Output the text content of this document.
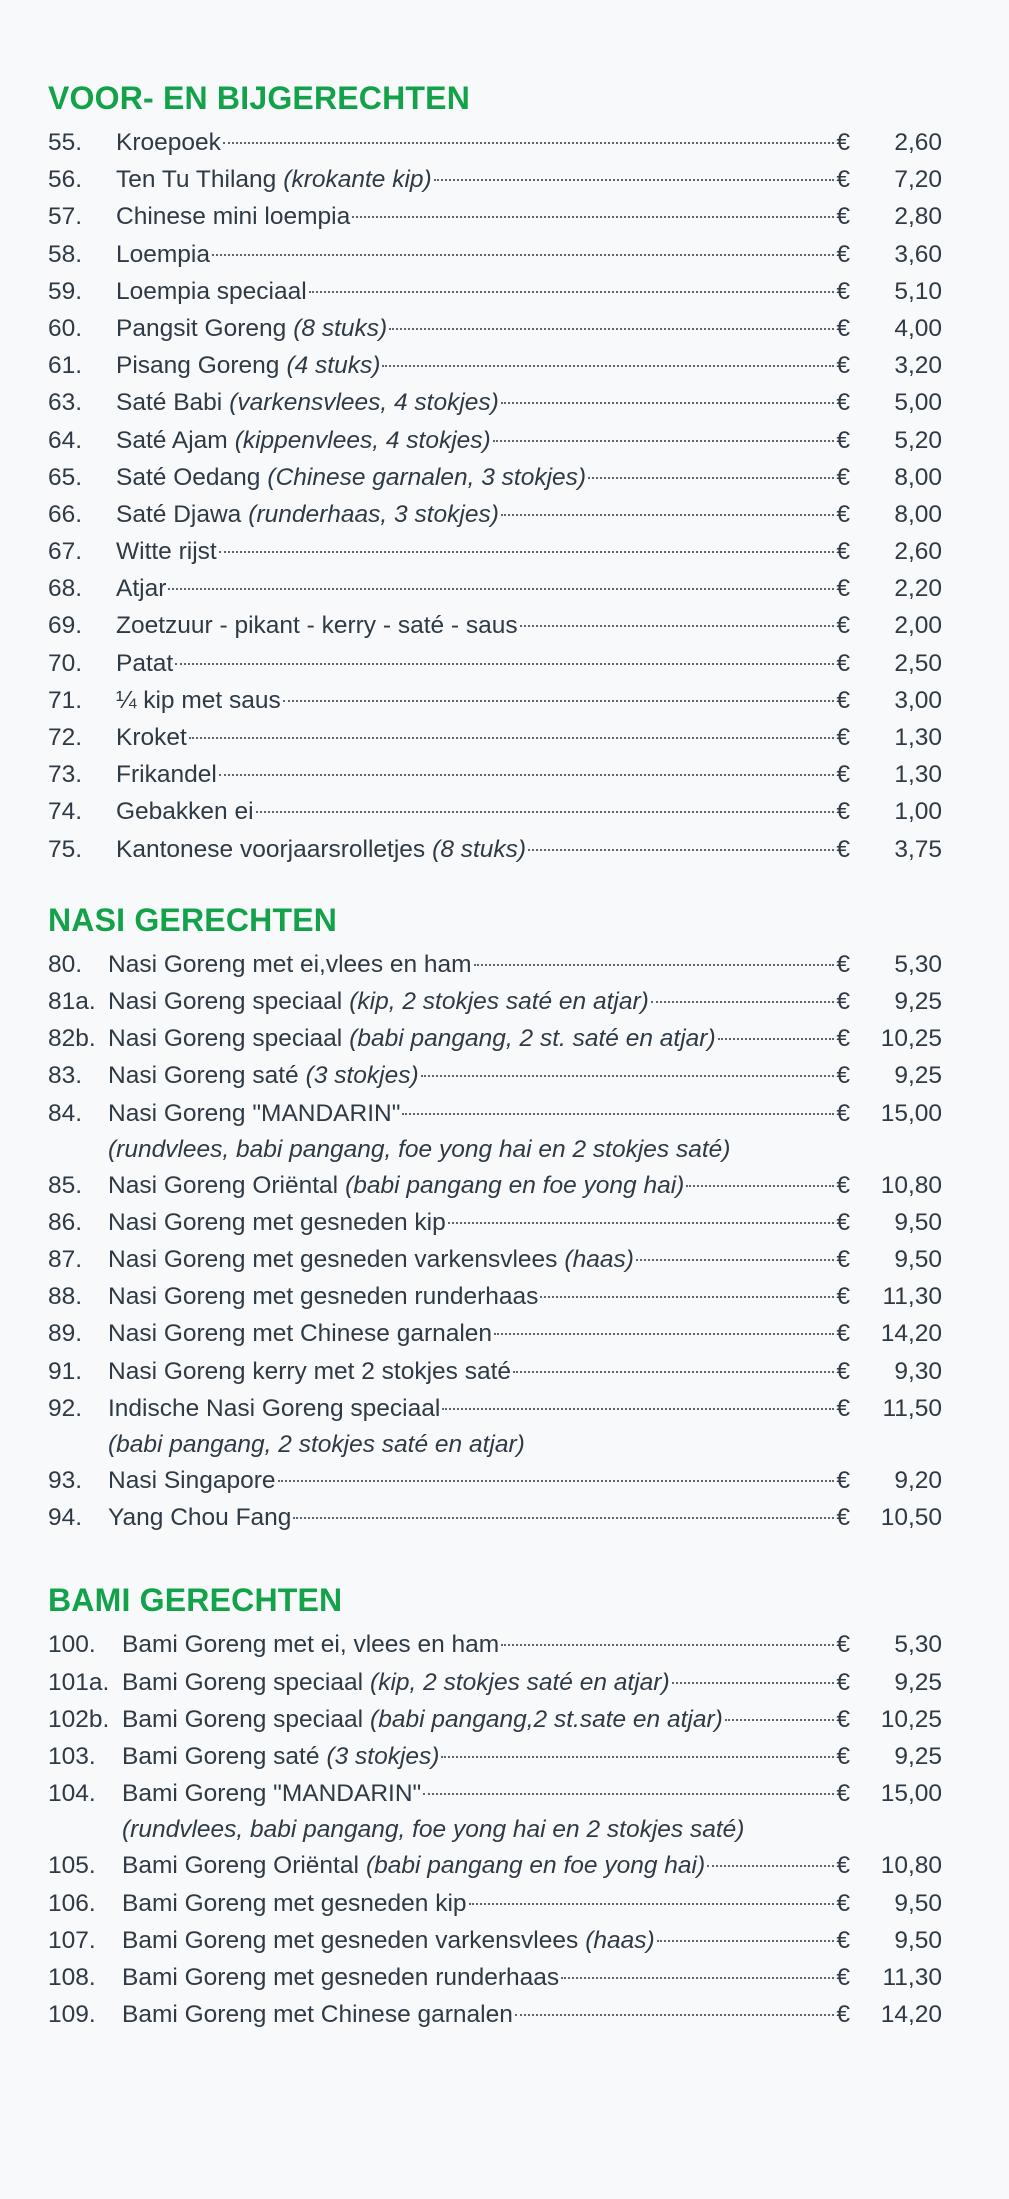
VOOR- EN BIJGERECHTEN
55.	Kroepoek	€	2,60
56.	Ten Tu Thilang (krokante kip)	€	7,20
57.	Chinese mini loempia	€	2,80
58.	Loempia	€	3,60
59.	Loempia speciaal	€	5,10
60.	Pangsit Goreng (8 stuks)	€	4,00
61.	Pisang Goreng (4 stuks)	€	3,20
63.	Saté Babi (varkensvlees, 4 stokjes)	€	5,00
64.	Saté Ajam (kippenvlees, 4 stokjes)	€	5,20
65.	Saté Oedang (Chinese garnalen, 3 stokjes)	€	8,00
66.	Saté Djawa (runderhaas, 3 stokjes)	€	8,00
67.	Witte rijst	€	2,60
68.	Atjar	€	2,20
69.	Zoetzuur - pikant - kerry - saté - saus	€	2,00
70.	Patat	€	2,50
71.	¼ kip met saus	€	3,00
72.	Kroket	€	1,30
73.	Frikandel	€	1,30
74.	Gebakken ei	€	1,00
75.	Kantonese voorjaarsrolletjes (8 stuks)	€	3,75
NASI GERECHTEN
80.	Nasi Goreng met ei,vlees en ham	€	5,30
81a. Nasi Goreng speciaal (kip, 2 stokjes saté en atjar)	€	9,25
82b. Nasi Goreng speciaal (babi pangang, 2 st. saté en atjar)	€	10,25
83.	Nasi Goreng saté (3 stokjes)	€	9,25
84.	Nasi Goreng "MANDARIN"	€	15,00
(rundvlees, babi pangang, foe yong hai en 2 stokjes saté)
85.	Nasi Goreng Oriëntal (babi pangang en foe yong hai)	€	10,80
86.	Nasi Goreng met gesneden kip	€	9,50
87.	Nasi Goreng met gesneden varkensvlees (haas)	€	9,50
88.	Nasi Goreng met gesneden runderhaas	€	11,30
89.	Nasi Goreng met Chinese garnalen	€	14,20
91.	Nasi Goreng kerry met 2 stokjes saté	€	9,30
92.	Indische Nasi Goreng speciaal	€	11,50
(babi pangang, 2 stokjes saté en atjar)
93.	Nasi Singapore	€	9,20
94.	Yang Chou Fang	€	10,50
BAMI GERECHTEN
100.	Bami Goreng met ei, vlees en ham	€	5,30
101a. Bami Goreng speciaal (kip, 2 stokjes saté en atjar)	€	9,25
102b. Bami Goreng speciaal (babi pangang,2 st.sate en atjar)	€	10,25
103.	Bami Goreng saté (3 stokjes)	€	9,25
104.	Bami Goreng "MANDARIN"	€	15,00
(rundvlees, babi pangang, foe yong hai en 2 stokjes saté)
105.	Bami Goreng Oriëntal (babi pangang en foe yong hai)	€	10,80
106.	Bami Goreng met gesneden kip	€	9,50
107.	Bami Goreng met gesneden varkensvlees (haas)	€	9,50
108.	Bami Goreng met gesneden runderhaas	€	11,30
109.	Bami Goreng met Chinese garnalen	€	14,20
